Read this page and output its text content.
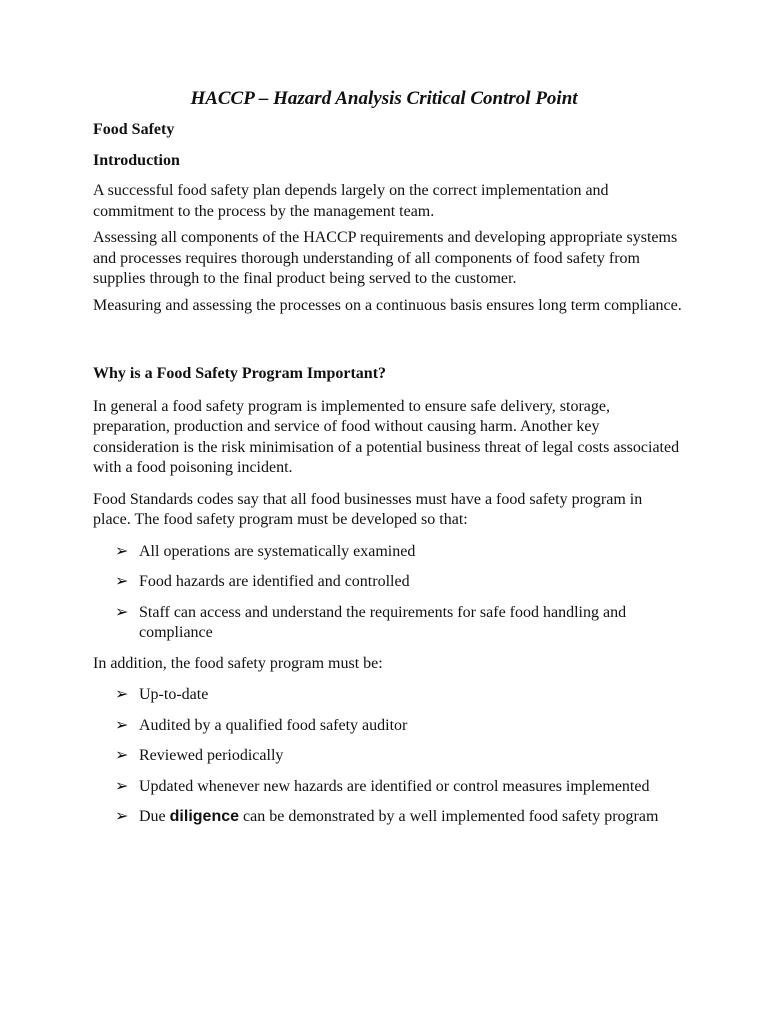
HACCP – Hazard Analysis Critical Control Point
Food Safety
Introduction

A successful food safety plan depends largely on the correct implementation and commitment to the process by the management team.

Assessing all components of the HACCP requirements and developing appropriate systems and processes requires thorough understanding of all components of food safety from supplies through to the final product being served to the customer.

Measuring and assessing the processes on a continuous basis ensures long term compliance.

Why is a Food Safety Program Important?

In general a food safety program is implemented to ensure safe delivery, storage, preparation, production and service of food without causing harm. Another key consideration is the risk minimisation of a potential business threat of legal costs associated with a food poisoning incident.

Food Standards codes say that all food businesses must have a food safety program in place. The food safety program must be developed so that:

➢ All operations are systematically examined
➢ Food hazards are identified and controlled
➢ Staff can access and understand the requirements for safe food handling and compliance

In addition, the food safety program must be:

➢ Up-to-date
➢ Audited by a qualified food safety auditor
➢ Reviewed periodically
➢ Updated whenever new hazards are identified or control measures implemented
➢ Due diligence can be demonstrated by a well implemented food safety program
